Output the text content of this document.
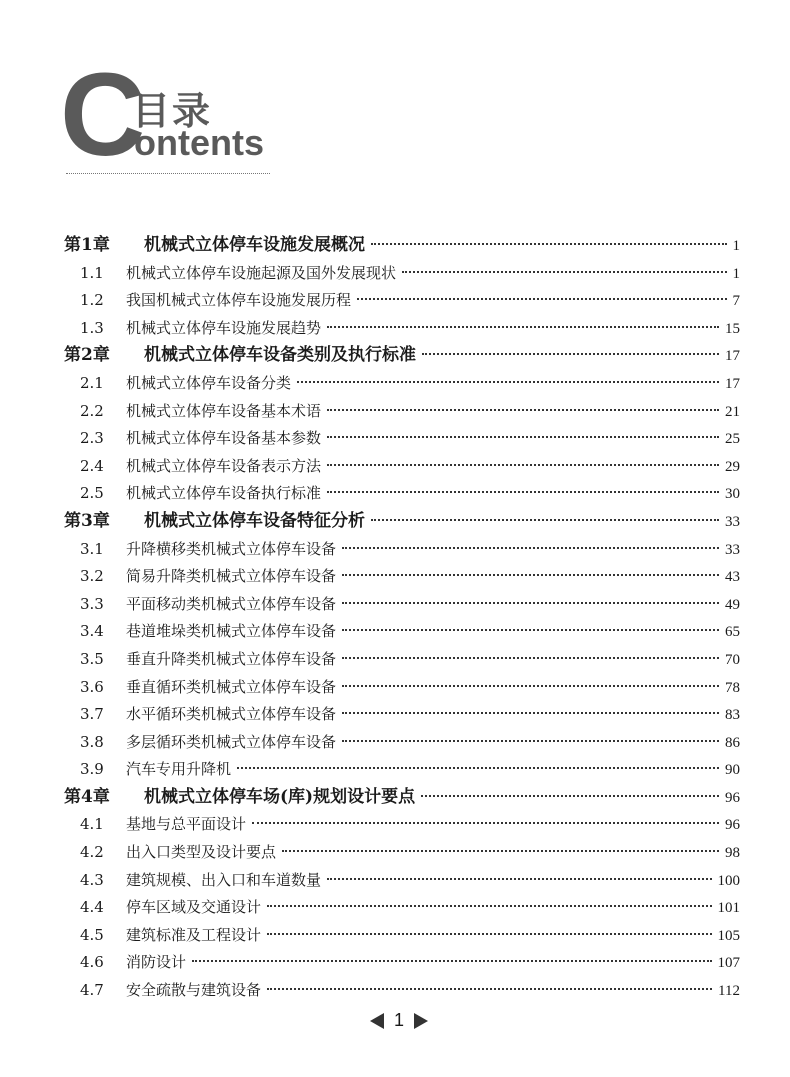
C
目录
ontents
第1章	机械式立体停车设施发展概况	1
1.1	机械式立体停车设施起源及国外发展现状	1
1.2	我国机械式立体停车设施发展历程	7
1.3	机械式立体停车设施发展趋势	15
第2章	机械式立体停车设备类别及执行标准	17
2.1	机械式立体停车设备分类	17
2.2	机械式立体停车设备基本术语	21
2.3	机械式立体停车设备基本参数	25
2.4	机械式立体停车设备表示方法	29
2.5	机械式立体停车设备执行标准	30
第3章	机械式立体停车设备特征分析	33
3.1	升降横移类机械式立体停车设备	33
3.2	简易升降类机械式立体停车设备	43
3.3	平面移动类机械式立体停车设备	49
3.4	巷道堆垛类机械式立体停车设备	65
3.5	垂直升降类机械式立体停车设备	70
3.6	垂直循环类机械式立体停车设备	78
3.7	水平循环类机械式立体停车设备	83
3.8	多层循环类机械式立体停车设备	86
3.9	汽车专用升降机	90
第4章	机械式立体停车场(库)规划设计要点	96
4.1	基地与总平面设计	96
4.2	出入口类型及设计要点	98
4.3	建筑规模、出入口和车道数量	100
4.4	停车区域及交通设计	101
4.5	建筑标准及工程设计	105
4.6	消防设计	107
4.7	安全疏散与建筑设备	112
1
